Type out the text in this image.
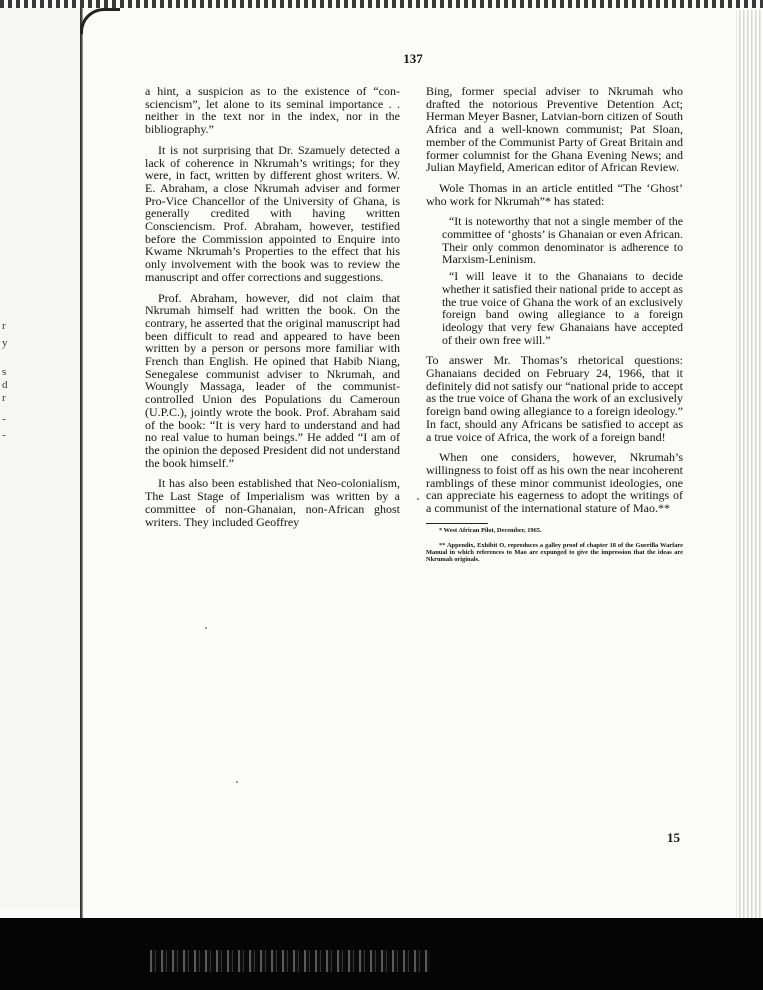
r
y
s
d
r
-
-
137

a hint, a suspicion as to the existence of “consciencism”, let alone to its seminal importance . . neither in the text nor in the index, nor in the bibliography.”

It is not surprising that Dr. Szamuely detected a lack of coherence in Nkrumah’s writings; for they were, in fact, written by different ghost writers. W. E. Abraham, a close Nkrumah adviser and former Pro-Vice Chancellor of the University of Ghana, is generally credited with having written Consciencism. Prof. Abraham, however, testified before the Commission appointed to Enquire into Kwame Nkrumah’s Properties to the effect that his only involvement with the book was to review the manuscript and offer corrections and suggestions.

Prof. Abraham, however, did not claim that Nkrumah himself had written the book. On the contrary, he asserted that the original manuscript had been difficult to read and appeared to have been written by a person or persons more familiar with French than English. He opined that Habib Niang, Senegalese communist adviser to Nkrumah, and Woungly Massaga, leader of the communist-controlled Union des Populations du Cameroun (U.P.C.), jointly wrote the book. Prof. Abraham said of the book: “It is very hard to understand and had no real value to human beings.” He added “I am of the opinion the deposed President did not understand the book himself.”

It has also been established that Neo-colonialism, The Last Stage of Imperialism was written by a committee of non-Ghanaian, non-African ghost writers. They included Geoffrey

Bing, former special adviser to Nkrumah who drafted the notorious Preventive Detention Act; Herman Meyer Basner, Latvian-born citizen of South Africa and a well-known communist; Pat Sloan, member of the Communist Party of Great Britain and former columnist for the Ghana Evening News; and Julian Mayfield, American editor of African Review.

Wole Thomas in an article entitled “The ‘Ghost’ who work for Nkrumah”* has stated:

“It is noteworthy that not a single member of the committee of ‘ghosts’ is Ghanaian or even African. Their only common denominator is adherence to Marxism-Leninism.

“I will leave it to the Ghanaians to decide whether it satisfied their national pride to accept as the true voice of Ghana the work of an exclusively foreign band owing allegiance to a foreign ideology that very few Ghanaians have accepted of their own free will.”

To answer Mr. Thomas’s rhetorical questions: Ghanaians decided on February 24, 1966, that it definitely did not satisfy our “national pride to accept as the true voice of Ghana the work of an exclusively foreign band owing allegiance to a foreign ideology.” In fact, should any Africans be satisfied to accept as a true voice of Africa, the work of a foreign band!

When one considers, however, Nkrumah’s willingness to foist off as his own the near incoherent ramblings of these minor communist ideologies, one can appreciate his eagerness to adopt the writings of a communist of the international stature of Mao.**

* West African Pilot, December, 1965.

** Appendix, Exhibit O, reproduces a galley proof of chapter 18 of the Guerilla Warfare Manual in which references to Mao are expunged to give the impression that the ideas are Nkrumah originals.

15
